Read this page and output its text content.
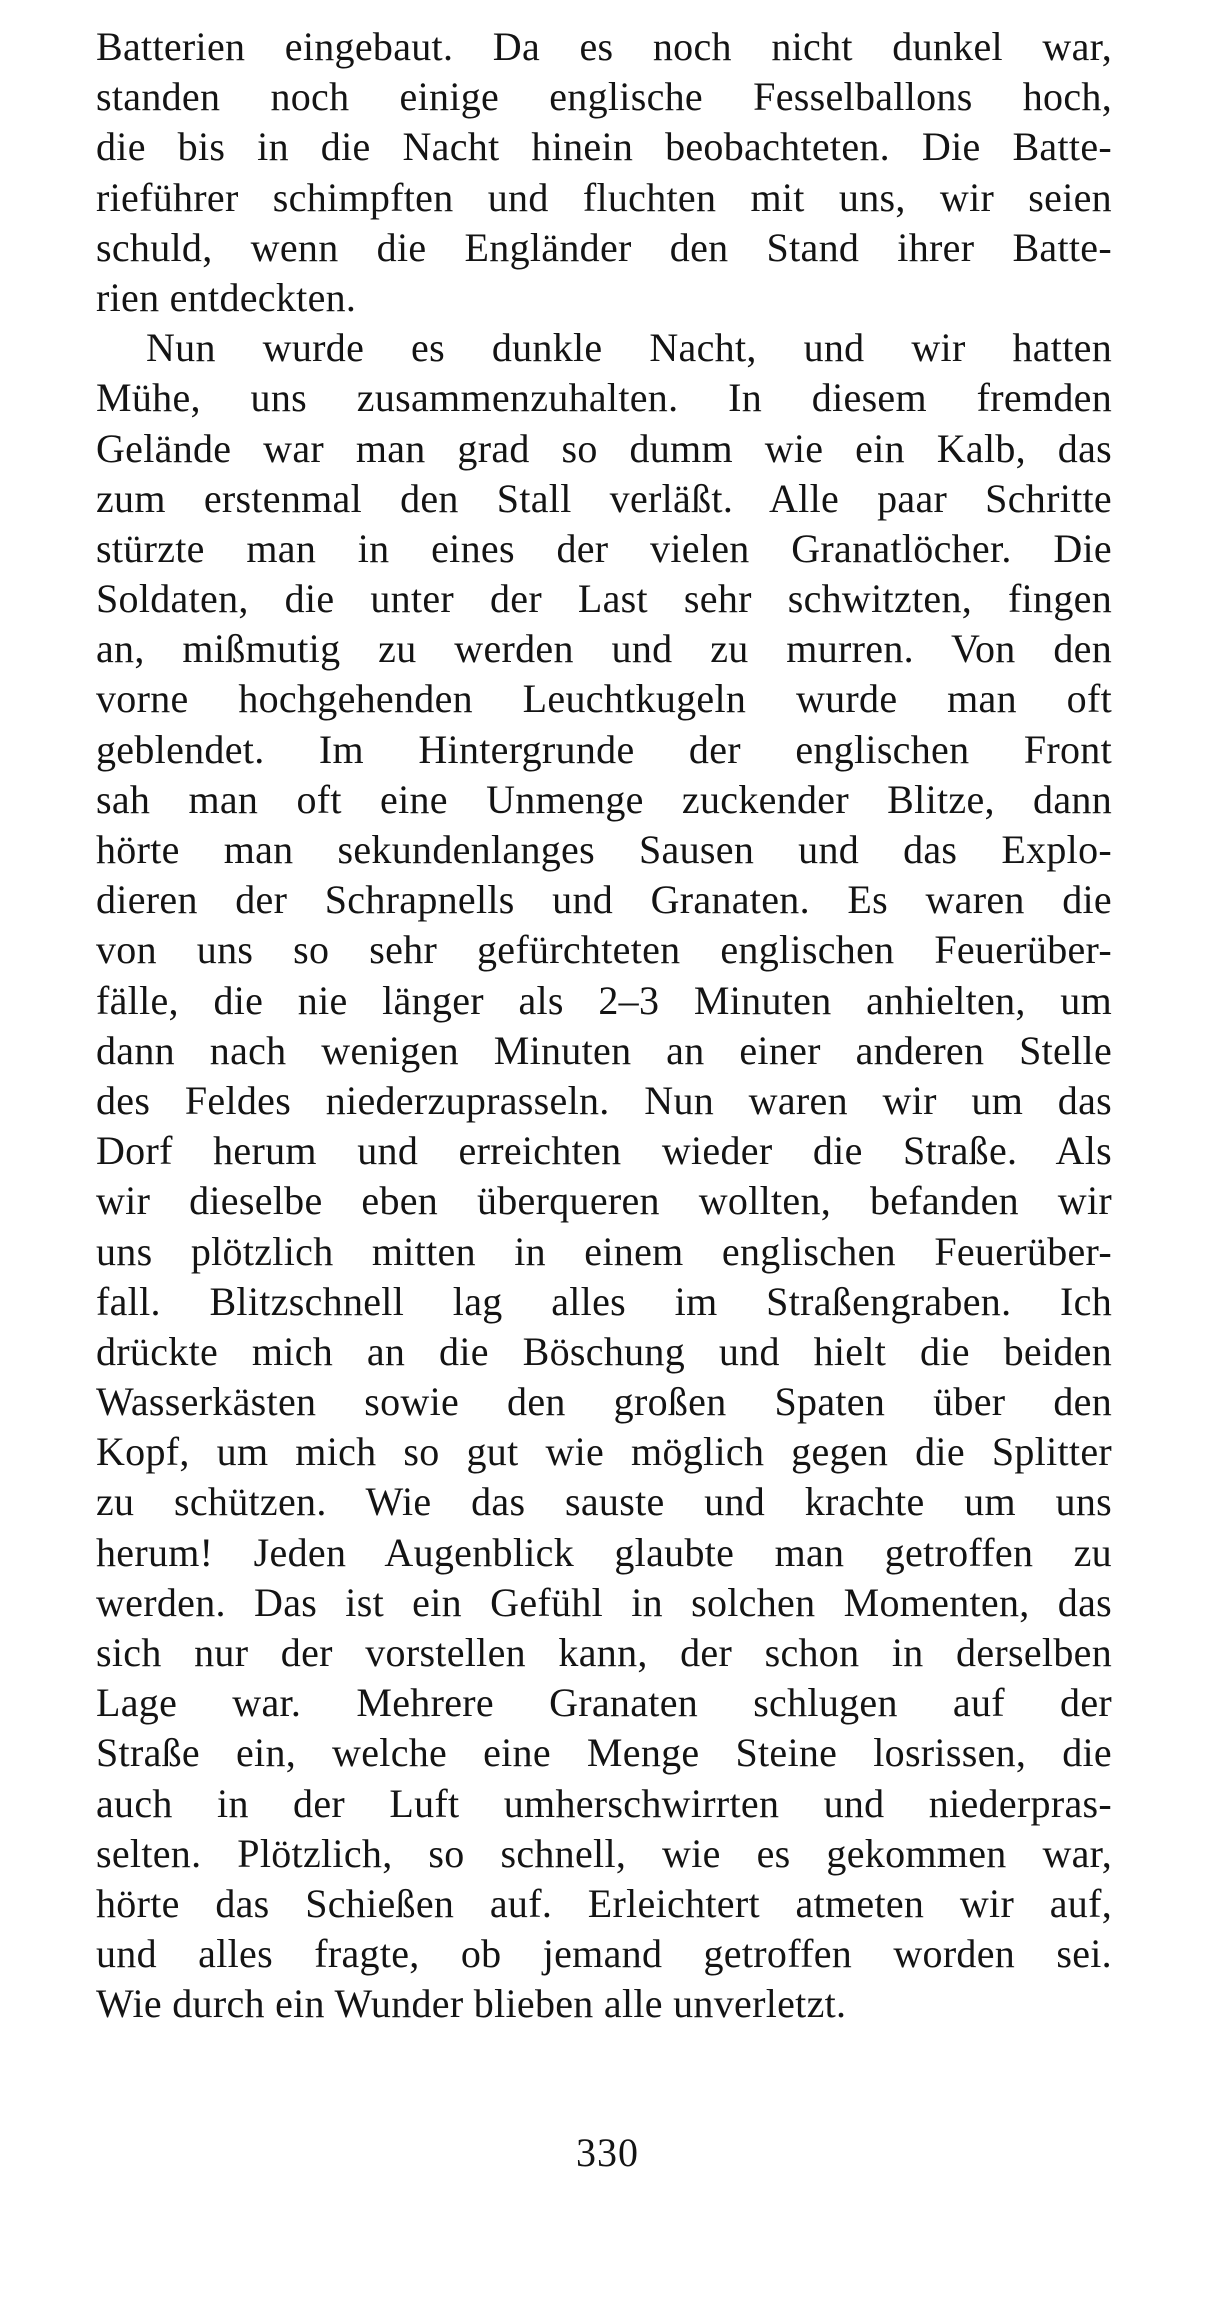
Batterien eingebaut. Da es noch nicht dunkel war,
standen noch einige englische Fesselballons hoch,
die bis in die Nacht hinein beobachteten. Die Batte-
rieführer schimpften und fluchten mit uns, wir seien
schuld, wenn die Engländer den Stand ihrer Batte-
rien entdeckten.
Nun wurde es dunkle Nacht, und wir hatten
Mühe, uns zusammenzuhalten. In diesem fremden
Gelände war man grad so dumm wie ein Kalb, das
zum erstenmal den Stall verläßt. Alle paar Schritte
stürzte man in eines der vielen Granatlöcher. Die
Soldaten, die unter der Last sehr schwitzten, fingen
an, mißmutig zu werden und zu murren. Von den
vorne hochgehenden Leuchtkugeln wurde man oft
geblendet. Im Hintergrunde der englischen Front
sah man oft eine Unmenge zuckender Blitze, dann
hörte man sekundenlanges Sausen und das Explo-
dieren der Schrapnells und Granaten. Es waren die
von uns so sehr gefürchteten englischen Feuerüber-
fälle, die nie länger als 2–3 Minuten anhielten, um
dann nach wenigen Minuten an einer anderen Stelle
des Feldes niederzuprasseln. Nun waren wir um das
Dorf herum und erreichten wieder die Straße. Als
wir dieselbe eben überqueren wollten, befanden wir
uns plötzlich mitten in einem englischen Feuerüber-
fall. Blitzschnell lag alles im Straßengraben. Ich
drückte mich an die Böschung und hielt die beiden
Wasserkästen sowie den großen Spaten über den
Kopf, um mich so gut wie möglich gegen die Splitter
zu schützen. Wie das sauste und krachte um uns
herum! Jeden Augenblick glaubte man getroffen zu
werden. Das ist ein Gefühl in solchen Momenten, das
sich nur der vorstellen kann, der schon in derselben
Lage war. Mehrere Granaten schlugen auf der
Straße ein, welche eine Menge Steine losrissen, die
auch in der Luft umherschwirrten und niederpras-
selten. Plötzlich, so schnell, wie es gekommen war,
hörte das Schießen auf. Erleichtert atmeten wir auf,
und alles fragte, ob jemand getroffen worden sei.
Wie durch ein Wunder blieben alle unverletzt.
330
